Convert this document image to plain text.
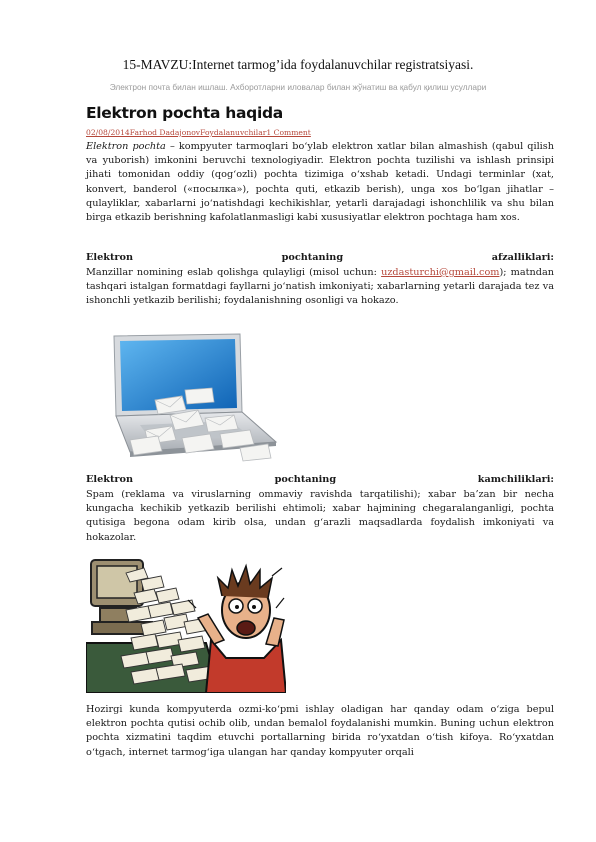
15-MAVZU:Internet tarmog’ida foydalanuvchilar registratsiyasi.
Электрон почта билан ишлаш. Ахборотларни иловалар билан жўнатиш ва қабул қилиш усуллари
Elektron pochta haqida
02/08/2014Farhod DadajonovFoydalanuvchilar1 Comment
Elektron pochta – kompyuter tarmoqlari bo‘ylab elektron xatlar bilan almashish (qabul qilish va yuborish) imkonini beruvchi texnologiyadir. Elektron pochta tuzilishi va ishlash prinsipi jihati tomonidan oddiy (qog‘ozli) pochta tizimiga o‘xshab ketadi. Undagi terminlar (xat, konvert, banderol («посылка»), pochta quti, etkazib berish), unga xos bo‘lgan jihatlar – qulayliklar, xabarlarni jo‘natishdagi kechikishlar, yetarli darajadagi ishonchlilik va shu bilan birga etkazib berishning kafolatlanmasligi kabi xususiyatlar elektron pochtaga ham xos.
Elektron	pochtaning	afzalliklari:
Manzillar nomining eslab qolishga qulayligi (misol uchun: uzdasturchi@gmail.com); matndan tashqari istalgan formatdagi fayllarni jo‘natish imkoniyati; xabarlarning yetarli darajada tez va ishonchli yetkazib berilishi; foydalanishning osonligi va hokazo.
Elektron	pochtaning	kamchiliklari:
Spam (reklama va viruslarning ommaviy ravishda tarqatilishi); xabar ba’zan bir necha kungacha kechikib yetkazib berilishi ehtimoli; xabar hajmining chegaralanganligi, pochta qutisiga begona odam kirib olsa, undan g‘arazli maqsadlarda foydalish imkoniyati va hokazolar.
Hozirgi kunda kompyuterda ozmi-ko‘pmi ishlay oladigan har qanday odam o‘ziga bepul elektron pochta qutisi ochib olib, undan bemalol foydalanishi mumkin. Buning uchun elektron pochta xizmatini taqdim etuvchi portallarning birida ro‘yxatdan o‘tish kifoya. Ro‘yxatdan o‘tgach, internet tarmog‘iga ulangan har qanday kompyuter orqali
